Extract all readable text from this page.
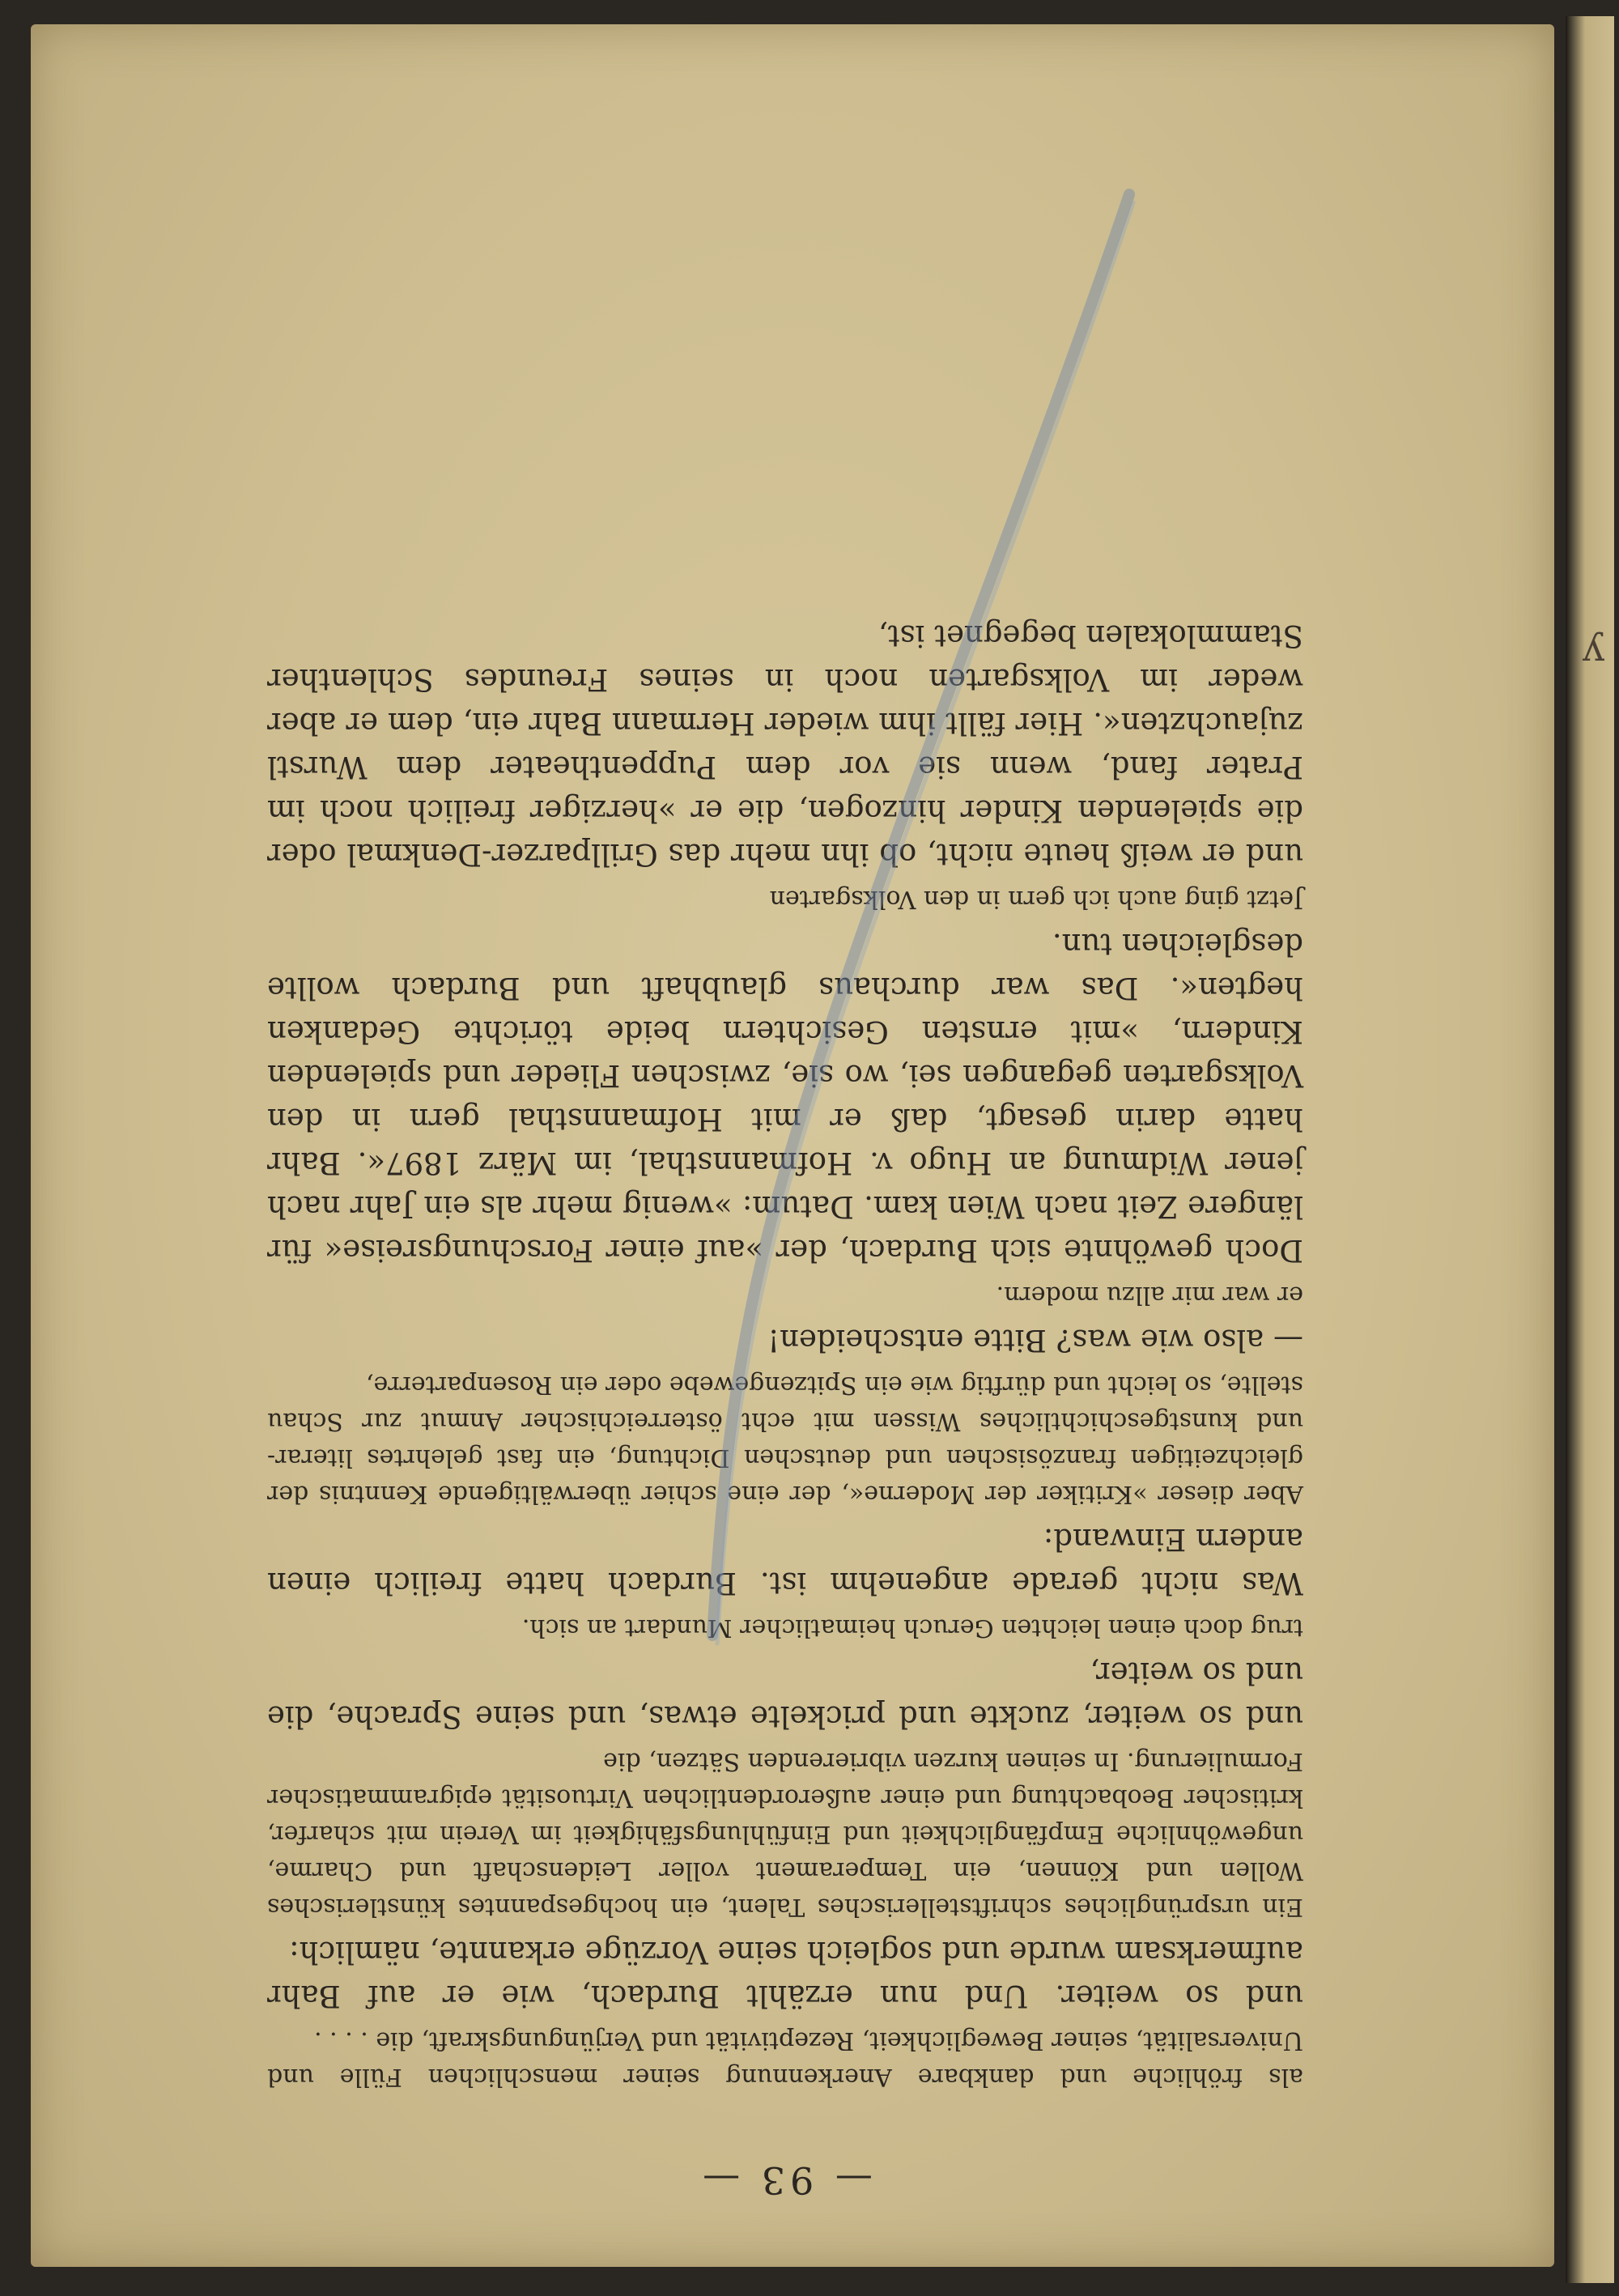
ʎ
— 93 —

als fröhliche und dankbare Anerkennung seiner menschlichen Fülle und Universalität, seiner Beweglichkeit, Rezeptivität und Verjüngungskraft, die . . . .

und so weiter. Und nun erzählt Burdach, wie er auf Bahr aufmerksam wurde und sogleich seine Vorzüge erkannte, nämlich:

Ein ursprüngliches schriftstellerisches Talent, ein hochgespanntes künstlerisches Wollen und Können, ein Temperament voller Leidenschaft und Charme, ungewöhnliche Empfänglichkeit und Einfühlungsfähigkeit im Verein mit scharfer, kritischer Beobachtung und einer außerordentlichen Virtuosität epigrammatischer Formulierung. In seinen kurzen vibrierenden Sätzen, die

und so weiter, zuckte und prickelte etwas, und seine Sprache, die und so weiter,

trug doch einen leichten Geruch heimatlicher Mundart an sich.

Was nicht gerade angenehm ist. Burdach hatte freilich einen andern Einwand:

Aber dieser »Kritiker der Moderne«, der eine schier überwältigende Kenntnis der gleichzeitigen französischen und deutschen Dichtung, ein fast gelehrtes literar- und kunstgeschichtliches Wissen mit echt österreichischer Anmut zur Schau stellte, so leicht und dürftig wie ein Spitzengewebe oder ein Rosenparterre,

— also wie was? Bitte entscheiden!

er war mir allzu modern.

Doch gewöhnte sich Burdach, der »auf einer Forschungsreise« für längere Zeit nach Wien kam. Datum: »wenig mehr als ein Jahr nach jener Widmung an Hugo v. Hofmannsthal, im März 1897«. Bahr hatte darin gesagt, daß er mit Hofmannsthal gern in den Volksgarten gegangen sei, wo sie, zwischen Flieder und spielenden Kindern, »mit ernsten Gesichtern beide törichte Gedanken hegten«. Das war durchaus glaubhaft und Burdach wollte desgleichen tun.

Jetzt ging auch ich gern in den Volksgarten

und er weiß heute nicht, ob ihn mehr das Grillparzer-Denkmal oder die spielenden Kinder hinzogen, die er »herziger freilich noch im Prater fand, wenn sie vor dem Puppentheater dem Wurstl zujauchzten«. Hier fällt ihm wieder Hermann Bahr ein, dem er aber weder im Volksgarten noch in seines Freundes Schlenther Stammlokalen begegnet ist,
